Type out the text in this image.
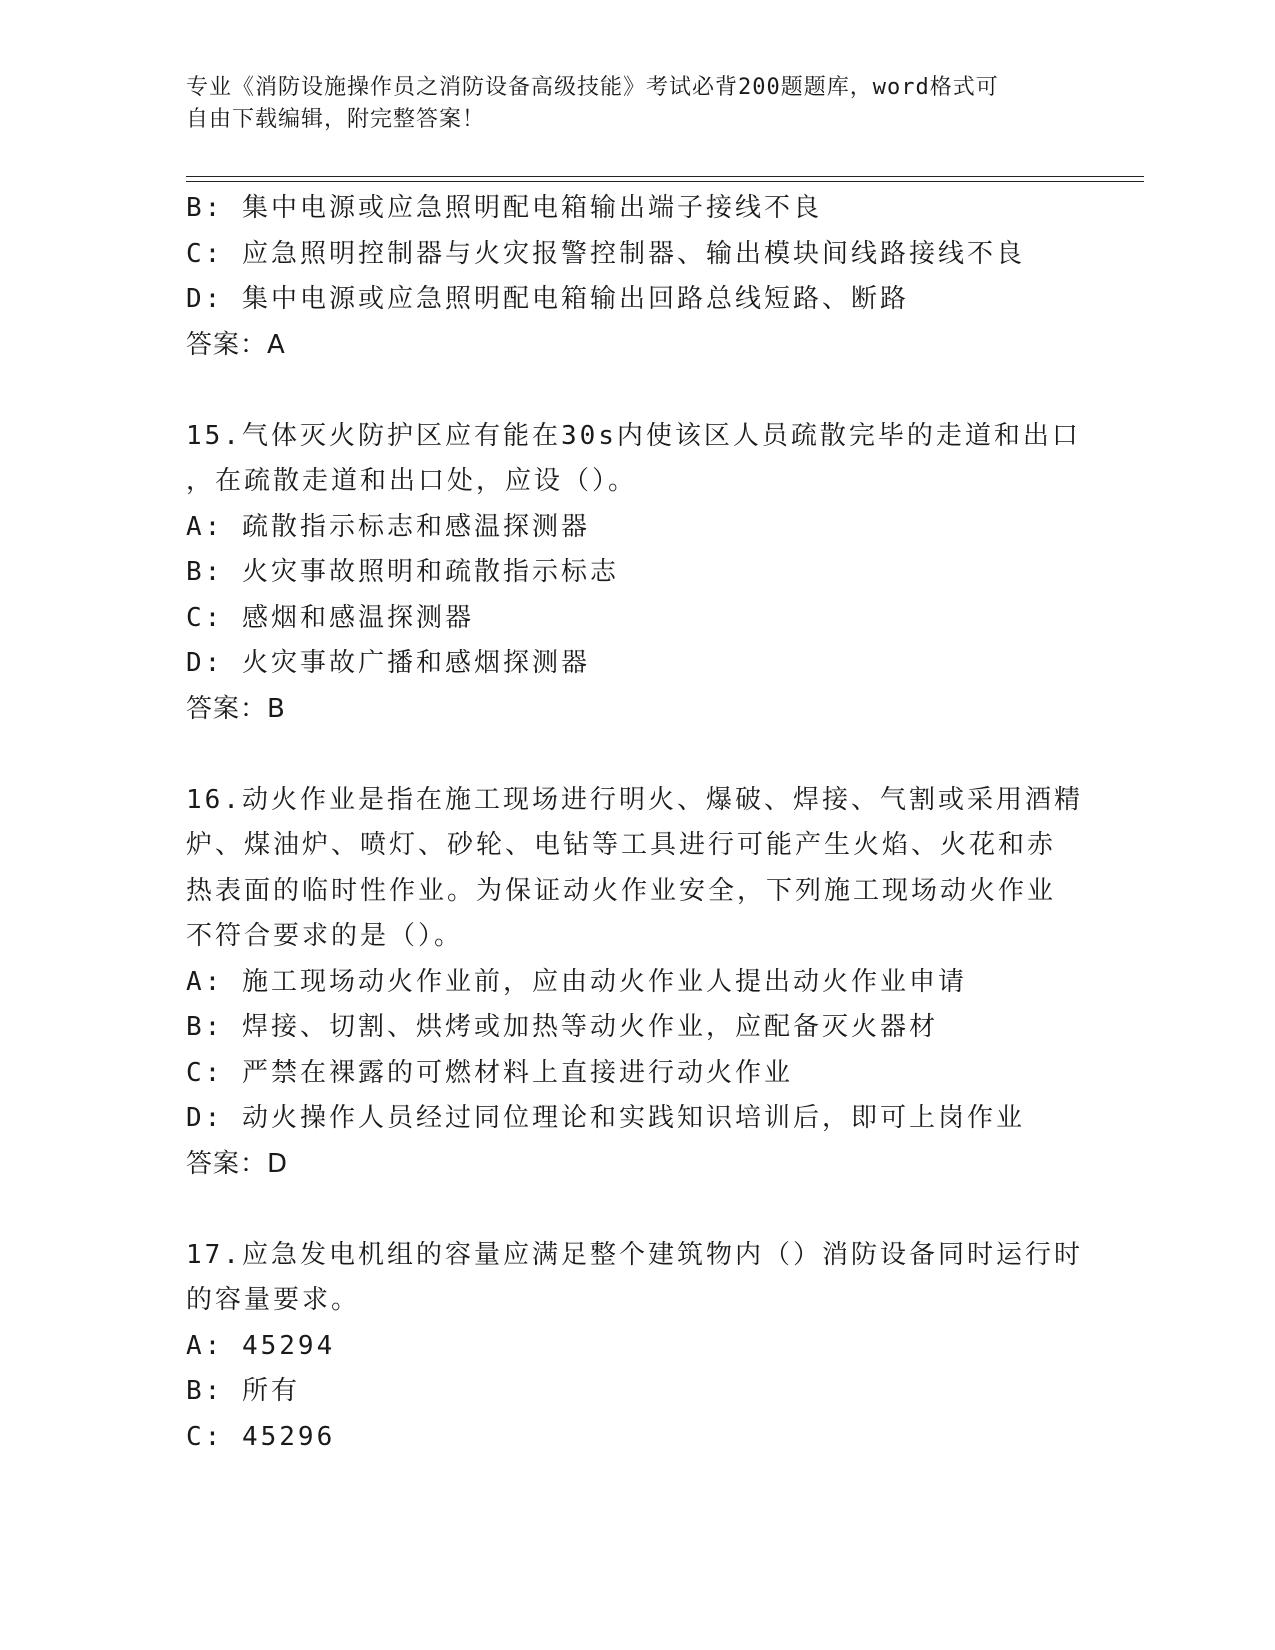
专业《消防设施操作员之消防设备高级技能》考试必背200题题库，word格式可
自由下载编辑，附完整答案！
B: 集中电源或应急照明配电箱输出端子接线不良
C: 应急照明控制器与火灾报警控制器、输出模块间线路接线不良
D: 集中电源或应急照明配电箱输出回路总线短路、断路
答案：A
15.气体灭火防护区应有能在30s内使该区人员疏散完毕的走道和出口
，在疏散走道和出口处，应设（）。
A: 疏散指示标志和感温探测器
B: 火灾事故照明和疏散指示标志
C: 感烟和感温探测器
D: 火灾事故广播和感烟探测器
答案：B
16.动火作业是指在施工现场进行明火、爆破、焊接、气割或采用酒精
炉、煤油炉、喷灯、砂轮、电钻等工具进行可能产生火焰、火花和赤
热表面的临时性作业。为保证动火作业安全，下列施工现场动火作业
不符合要求的是（）。
A: 施工现场动火作业前，应由动火作业人提出动火作业申请
B: 焊接、切割、烘烤或加热等动火作业，应配备灭火器材
C: 严禁在裸露的可燃材料上直接进行动火作业
D: 动火操作人员经过同位理论和实践知识培训后，即可上岗作业
答案：D
17.应急发电机组的容量应满足整个建筑物内（）消防设备同时运行时
的容量要求。
A: 45294
B: 所有
C: 45296
